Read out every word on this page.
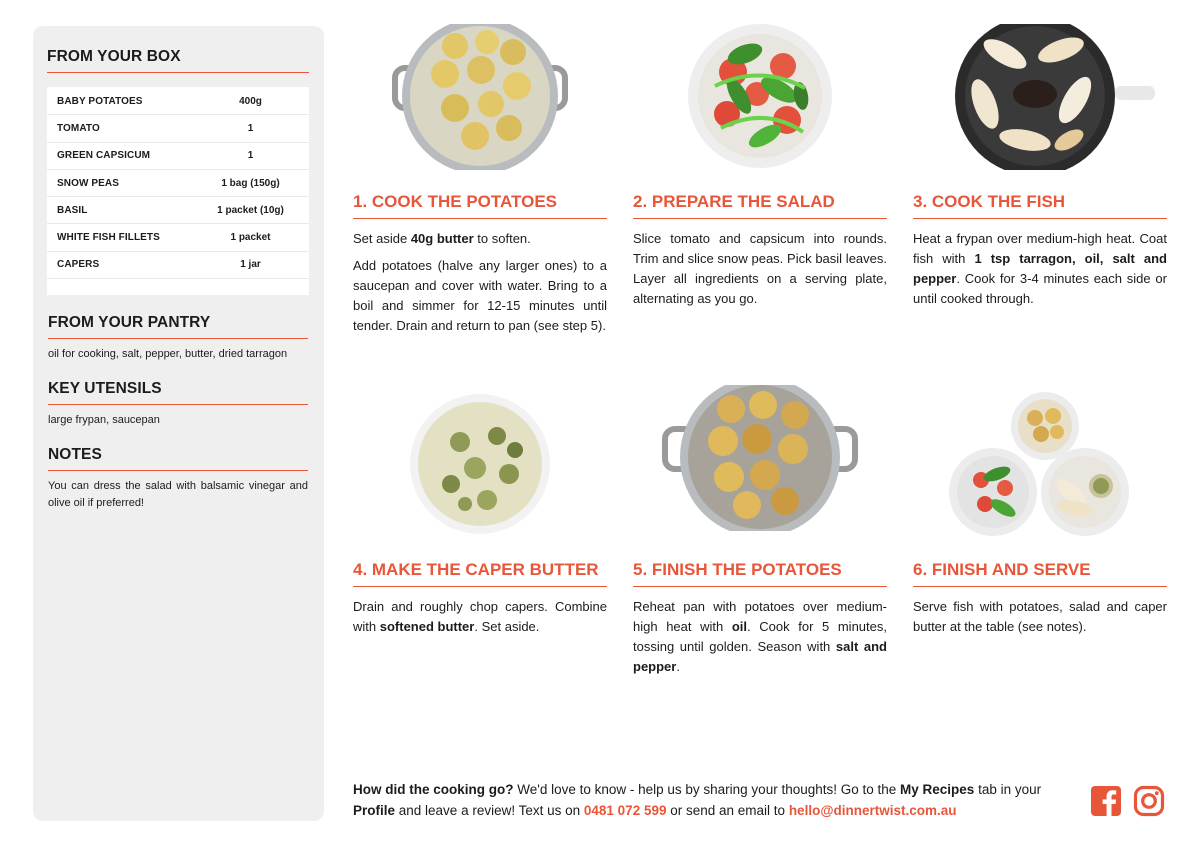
FROM YOUR BOX
BABY POTATOES	400g
TOMATO	1
GREEN CAPSICUM	1
SNOW PEAS	1 bag (150g)
BASIL	1 packet (10g)
WHITE FISH FILLETS	1 packet
CAPERS	1 jar
FROM YOUR PANTRY
oil for cooking, salt, pepper, butter, dried tarragon
KEY UTENSILS
large frypan, saucepan
NOTES
You can dress the salad with balsamic vinegar and olive oil if preferred!
1. COOK THE POTATOES

Set aside 40g butter to soften.

Add potatoes (halve any larger ones) to a saucepan and cover with water. Bring to a boil and simmer for 12-15 minutes until tender. Drain and return to pan (see step 5).

2. PREPARE THE SALAD

Slice tomato and capsicum into rounds. Trim and slice snow peas. Pick basil leaves. Layer all ingredients on a serving plate, alternating as you go.

3. COOK THE FISH

Heat a frypan over medium-high heat. Coat fish with 1 tsp tarragon, oil, salt and pepper. Cook for 3-4 minutes each side or until cooked through.

4. MAKE THE CAPER BUTTER

Drain and roughly chop capers. Combine with softened butter. Set aside.

5. FINISH THE POTATOES

Reheat pan with potatoes over medium-high heat with oil. Cook for 5 minutes, tossing until golden. Season with salt and pepper.

6. FINISH AND SERVE

Serve fish with potatoes, salad and caper butter at the table (see notes).

How did the cooking go? We'd love to know - help us by sharing your thoughts! Go to the My Recipes tab in your Profile and leave a review! Text us on 0481 072 599 or send an email to hello@dinnertwist.com.au
